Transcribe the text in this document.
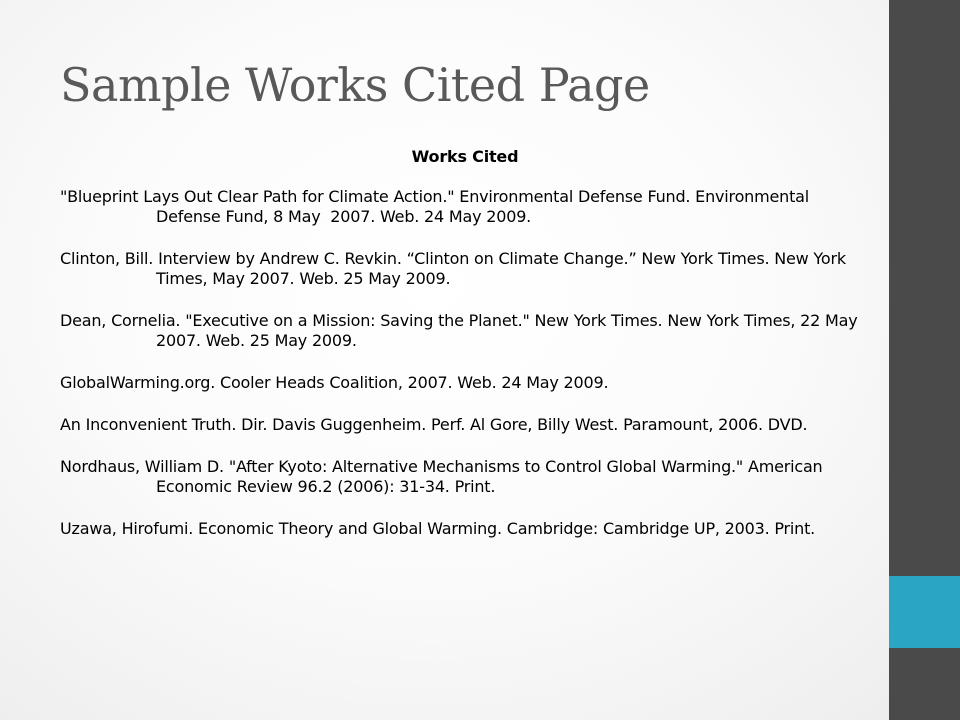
Sample Works Cited Page

Works Cited

"Blueprint Lays Out Clear Path for Climate Action." Environmental Defense Fund. Environmental Defense Fund, 8 May  2007. Web. 24 May 2009.
Clinton, Bill. Interview by Andrew C. Revkin. “Clinton on Climate Change.” New York Times. New York Times, May 2007. Web. 25 May 2009.
Dean, Cornelia. "Executive on a Mission: Saving the Planet." New York Times. New York Times, 22 May 2007. Web. 25 May 2009.
GlobalWarming.org. Cooler Heads Coalition, 2007. Web. 24 May 2009.
An Inconvenient Truth. Dir. Davis Guggenheim. Perf. Al Gore, Billy West. Paramount, 2006. DVD.
Nordhaus, William D. "After Kyoto: Alternative Mechanisms to Control Global Warming." American    Economic Review 96.2 (2006): 31-34. Print.
Uzawa, Hirofumi. Economic Theory and Global Warming. Cambridge: Cambridge UP, 2003. Print.
